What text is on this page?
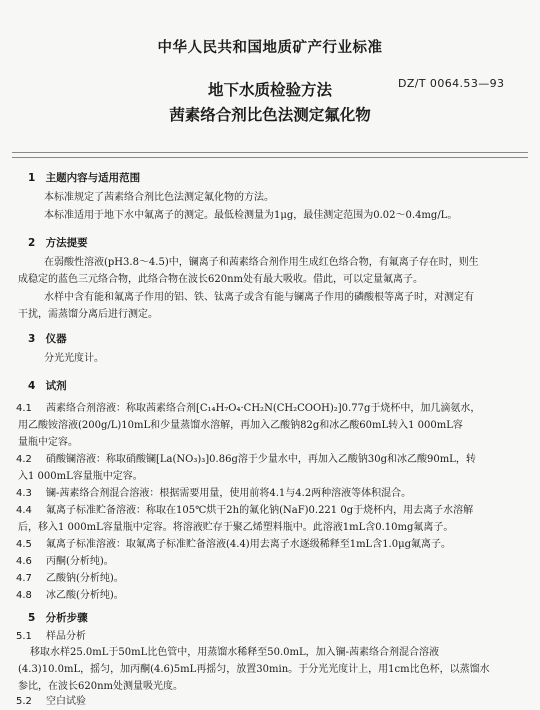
中华人民共和国地质矿产行业标准
地下水质检验方法
茜素络合剂比色法测定氟化物
DZ/T 0064.53—93
1 主题内容与适用范围
本标准规定了茜素络合剂比色法测定氟化物的方法。
本标准适用于地下水中氟离子的测定。最低检测量为1μg，最佳测定范围为0.02～0.4mg/L。
2 方法提要
在弱酸性溶液(pH3.8～4.5)中，镧离子和茜素络合剂作用生成红色络合物，有氟离子存在时，则生
成稳定的蓝色三元络合物，此络合物在波长620nm处有最大吸收。借此，可以定量氟离子。
水样中含有能和氟离子作用的铝、铁、钛离子或含有能与镧离子作用的磷酸根等离子时，对测定有
干扰，需蒸馏分离后进行测定。
3 仪器
分光光度计。
4 试剂
4.1 茜素络合剂溶液：称取茜素络合剂[C₁₄H₇O₄·CH₂N(CH₂COOH)₂]0.77g于烧杯中，加几滴氨水，
用乙酸铵溶液(200g/L)10mL和少量蒸馏水溶解，再加入乙酸钠82g和冰乙酸60mL转入1 000mL容
量瓶中定容。
4.2 硝酸镧溶液：称取硝酸镧[La(NO₃)₃]0.86g溶于少量水中，再加入乙酸钠30g和冰乙酸90mL，转
入1 000mL容量瓶中定容。
4.3 镧-茜素络合剂混合溶液：根据需要用量，使用前将4.1与4.2两种溶液等体积混合。
4.4 氟离子标准贮备溶液：称取在105℃烘干2h的氟化钠(NaF)0.221 0g于烧杯内，用去离子水溶解
后，移入1 000mL容量瓶中定容。将溶液贮存于聚乙烯塑料瓶中。此溶液1mL含0.10mg氟离子。
4.5 氟离子标准溶液：取氟离子标准贮备溶液(4.4)用去离子水逐级稀释至1mL含1.0μg氟离子。
4.6 丙酮(分析纯)。
4.7 乙酸钠(分析纯)。
4.8 冰乙酸(分析纯)。
5 分析步骤
5.1 样品分析
移取水样25.0mL于50mL比色管中，用蒸馏水稀释至50.0mL，加入镧-茜素络合剂混合溶液
(4.3)10.0mL，摇匀，加丙酮(4.6)5mL再摇匀，放置30min。于分光光度计上，用1cm比色杯，以蒸馏水
参比，在波长620nm处测量吸光度。
5.2 空白试验
